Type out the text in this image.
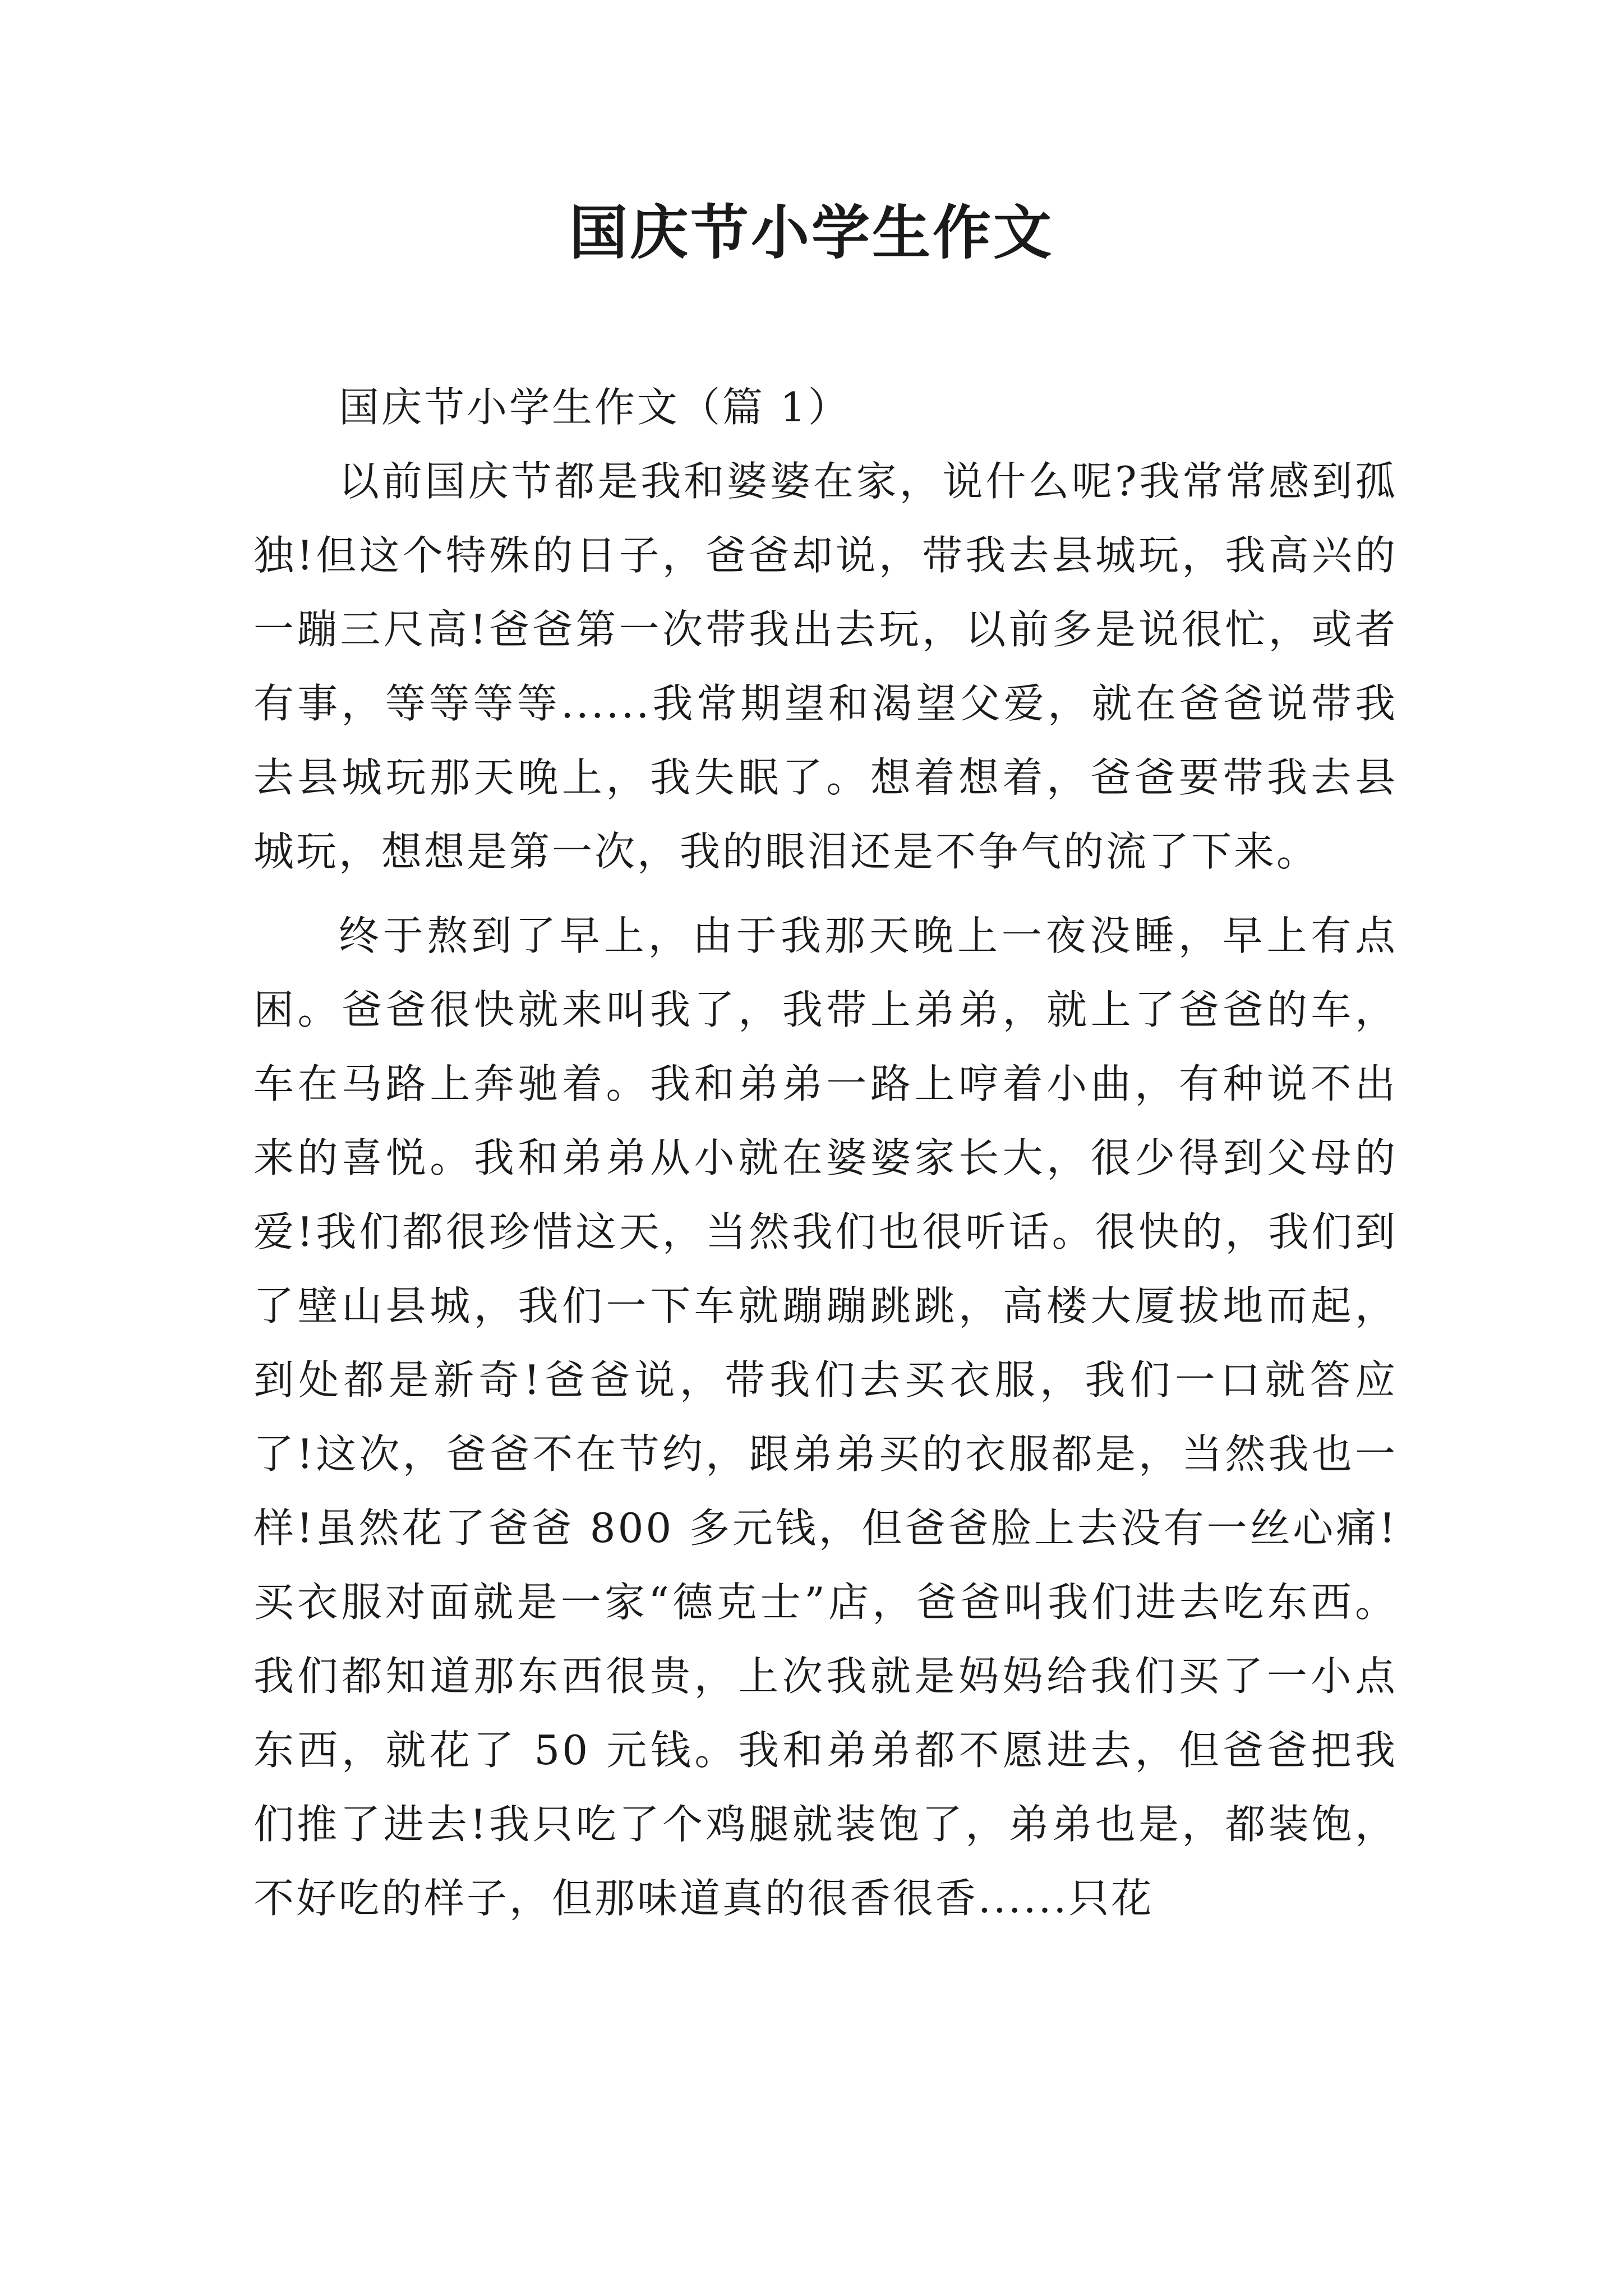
国庆节小学生作文

国庆节小学生作文（篇 1）

以前国庆节都是我和婆婆在家，说什么呢?我常常感到孤独!但这个特殊的日子，爸爸却说，带我去县城玩，我高兴的一蹦三尺高!爸爸第一次带我出去玩，以前多是说很忙，或者有事，等等等等......我常期望和渴望父爱，就在爸爸说带我去县城玩那天晚上，我失眠了。想着想着，爸爸要带我去县城玩，想想是第一次，我的眼泪还是不争气的流了下来。

终于熬到了早上，由于我那天晚上一夜没睡，早上有点困。爸爸很快就来叫我了，我带上弟弟，就上了爸爸的车，车在马路上奔驰着。我和弟弟一路上哼着小曲，有种说不出来的喜悦。我和弟弟从小就在婆婆家长大，很少得到父母的爱!我们都很珍惜这天，当然我们也很听话。很快的，我们到了壁山县城，我们一下车就蹦蹦跳跳，高楼大厦拔地而起，到处都是新奇!爸爸说，带我们去买衣服，我们一口就答应了!这次，爸爸不在节约，跟弟弟买的衣服都是，当然我也一样!虽然花了爸爸 800 多元钱，但爸爸脸上去没有一丝心痛!买衣服对面就是一家“德克士”店，爸爸叫我们进去吃东西。我们都知道那东西很贵，上次我就是妈妈给我们买了一小点东西，就花了 50 元钱。我和弟弟都不愿进去，但爸爸把我们推了进去!我只吃了个鸡腿就装饱了，弟弟也是，都装饱，不好吃的样子，但那味道真的很香很香......只花
